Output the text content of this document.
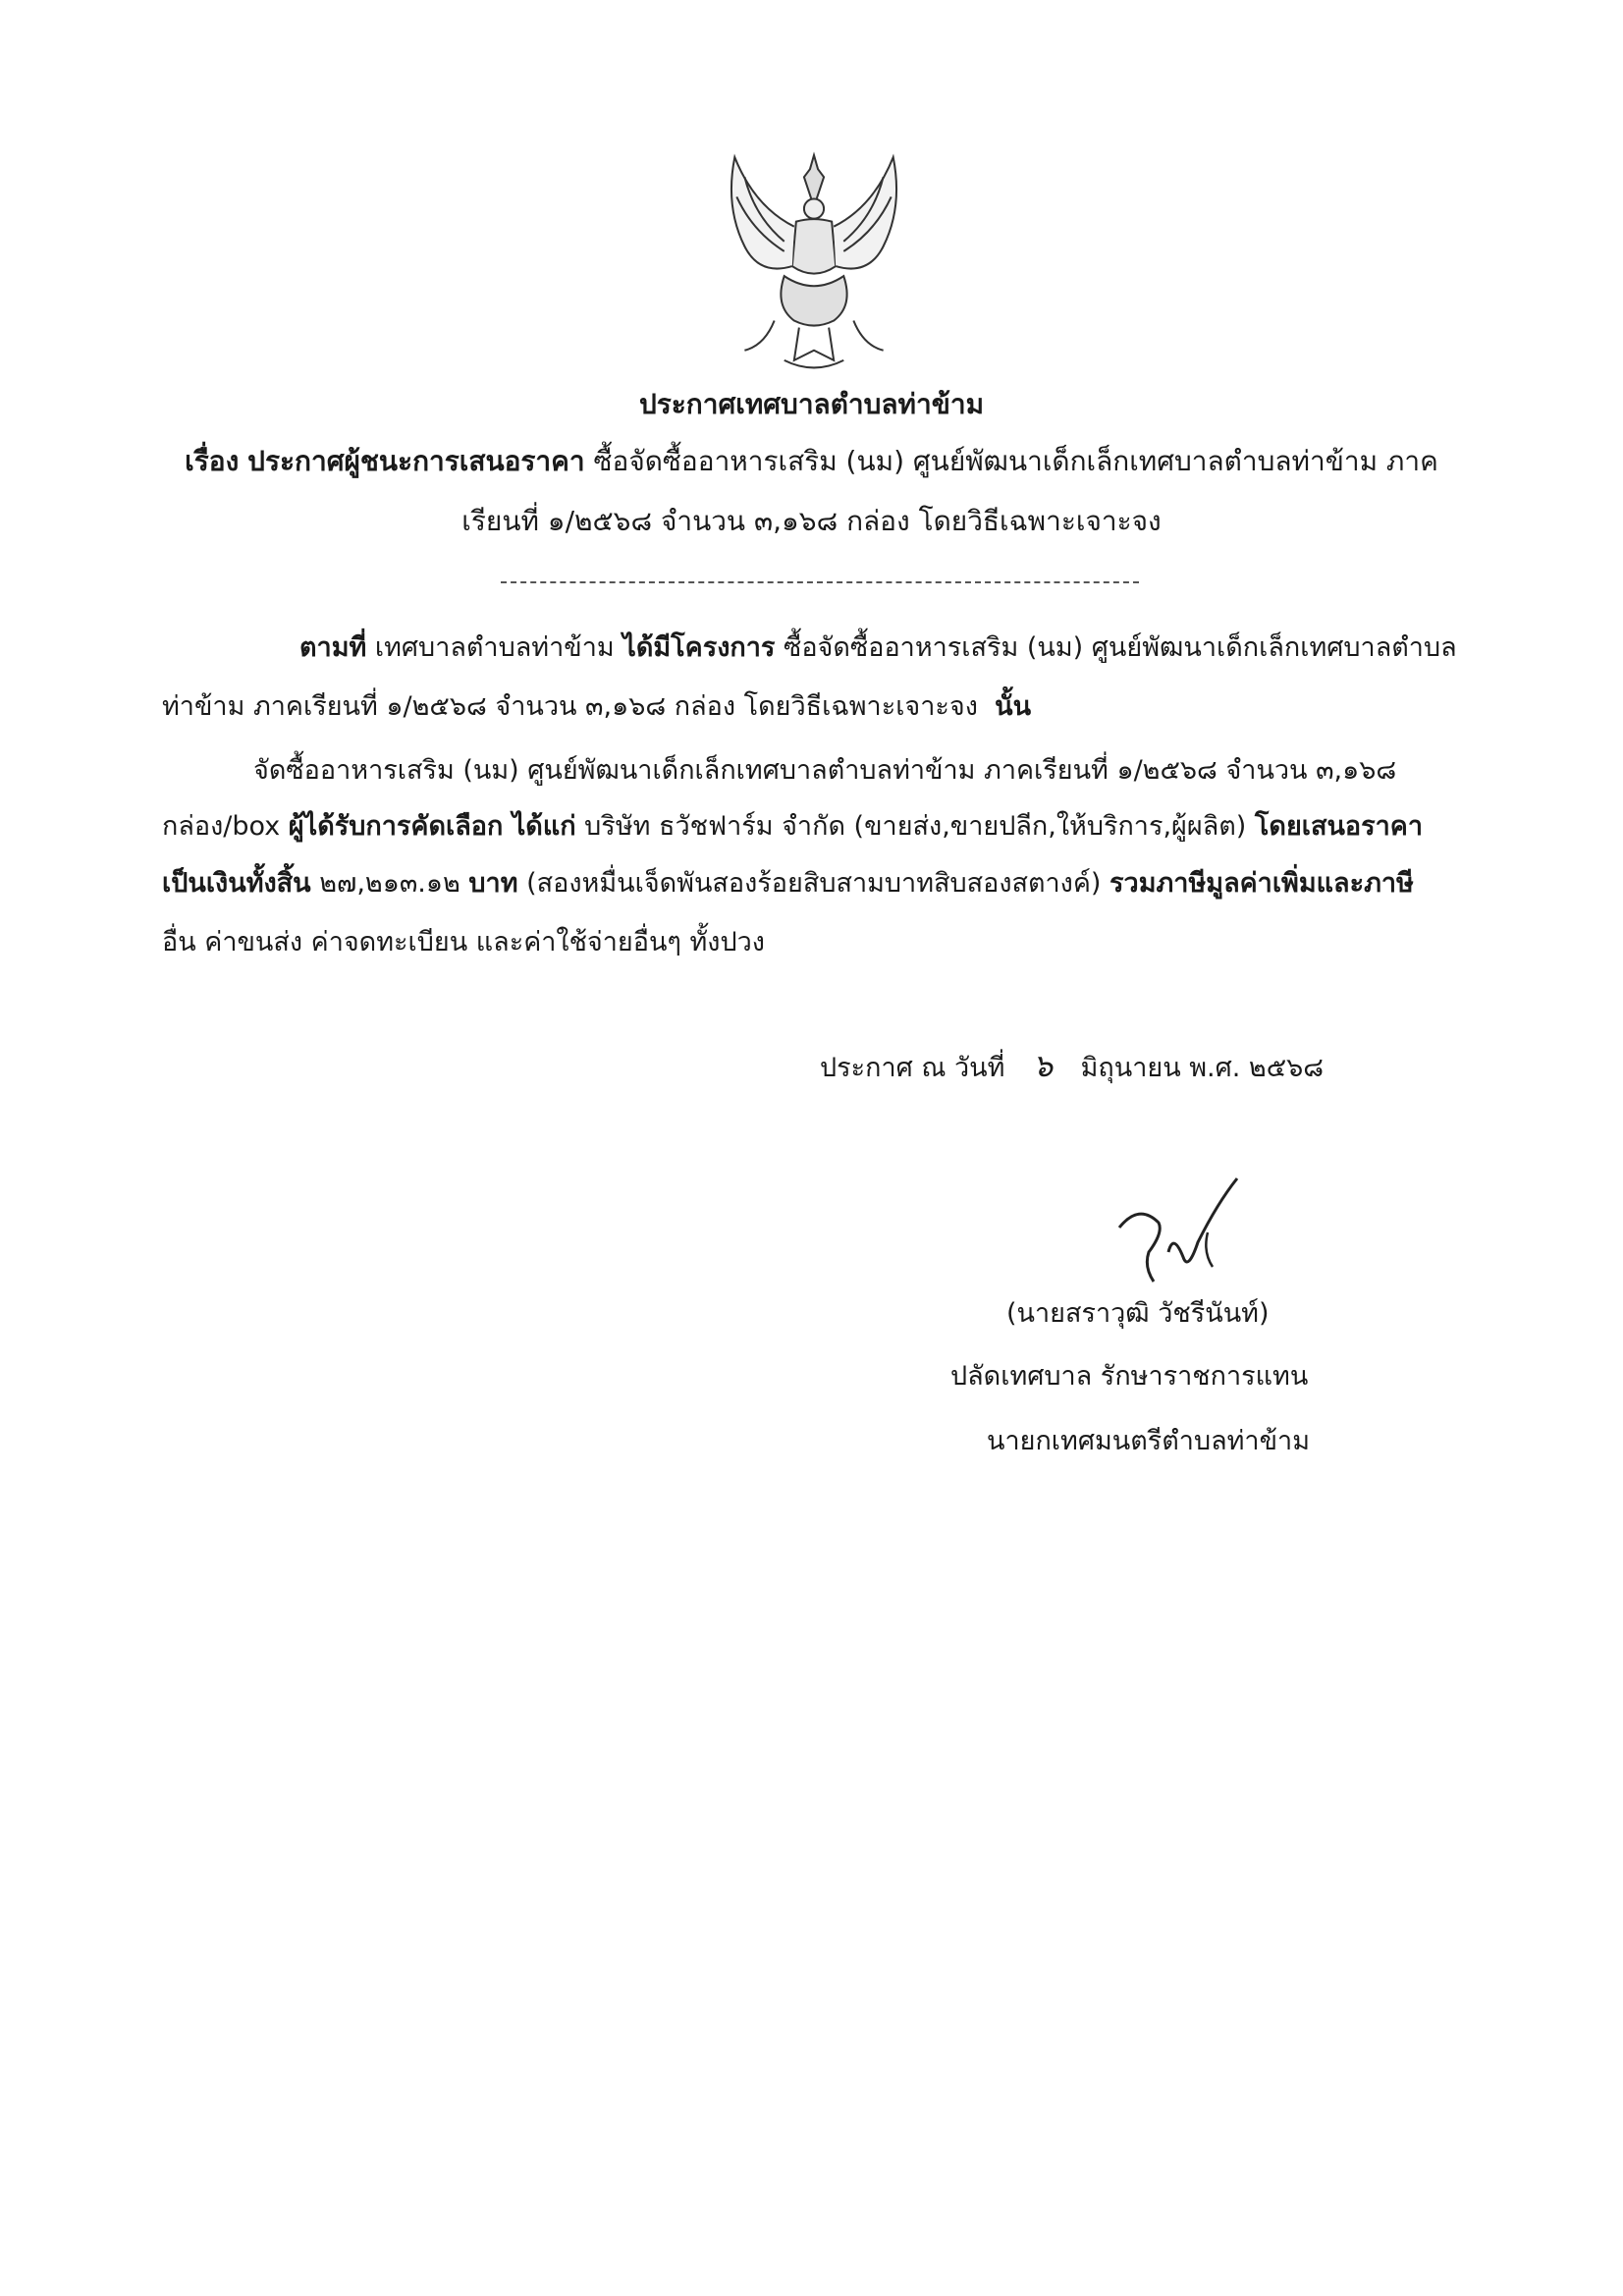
ประกาศเทศบาลตำบลท่าข้าม
เรื่อง ประกาศผู้ชนะการเสนอราคา ซื้อจัดซื้ออาหารเสริม (นม) ศูนย์พัฒนาเด็กเล็กเทศบาลตำบลท่าข้าม ภาค
เรียนที่ ๑/๒๕๖๘ จำนวน ๓,๑๖๘ กล่อง โดยวิธีเฉพาะเจาะจง
ตามที่ เทศบาลตำบลท่าข้าม ได้มีโครงการ ซื้อจัดซื้ออาหารเสริม (นม) ศูนย์พัฒนาเด็กเล็กเทศบาลตำบล
ท่าข้าม ภาคเรียนที่ ๑/๒๕๖๘ จำนวน ๓,๑๖๘ กล่อง โดยวิธีเฉพาะเจาะจง นั้น
จัดซื้ออาหารเสริม (นม) ศูนย์พัฒนาเด็กเล็กเทศบาลตำบลท่าข้าม ภาคเรียนที่ ๑/๒๕๖๘ จำนวน ๓,๑๖๘
กล่อง/box ผู้ได้รับการคัดเลือก ได้แก่ บริษัท ธวัชฟาร์ม จำกัด (ขายส่ง,ขายปลีก,ให้บริการ,ผู้ผลิต) โดยเสนอราคา
เป็นเงินทั้งสิ้น ๒๗,๒๑๓.๑๒ บาท (สองหมื่นเจ็ดพันสองร้อยสิบสามบาทสิบสองสตางค์) รวมภาษีมูลค่าเพิ่มและภาษี
อื่น ค่าขนส่ง ค่าจดทะเบียน และค่าใช้จ่ายอื่นๆ ทั้งปวง
ประกาศ ณ วันที่ ๖ มิถุนายน พ.ศ. ๒๕๖๘
(นายสราวุฒิ วัชรีนันท์)
ปลัดเทศบาล รักษาราชการแทน
นายกเทศมนตรีตำบลท่าข้าม
